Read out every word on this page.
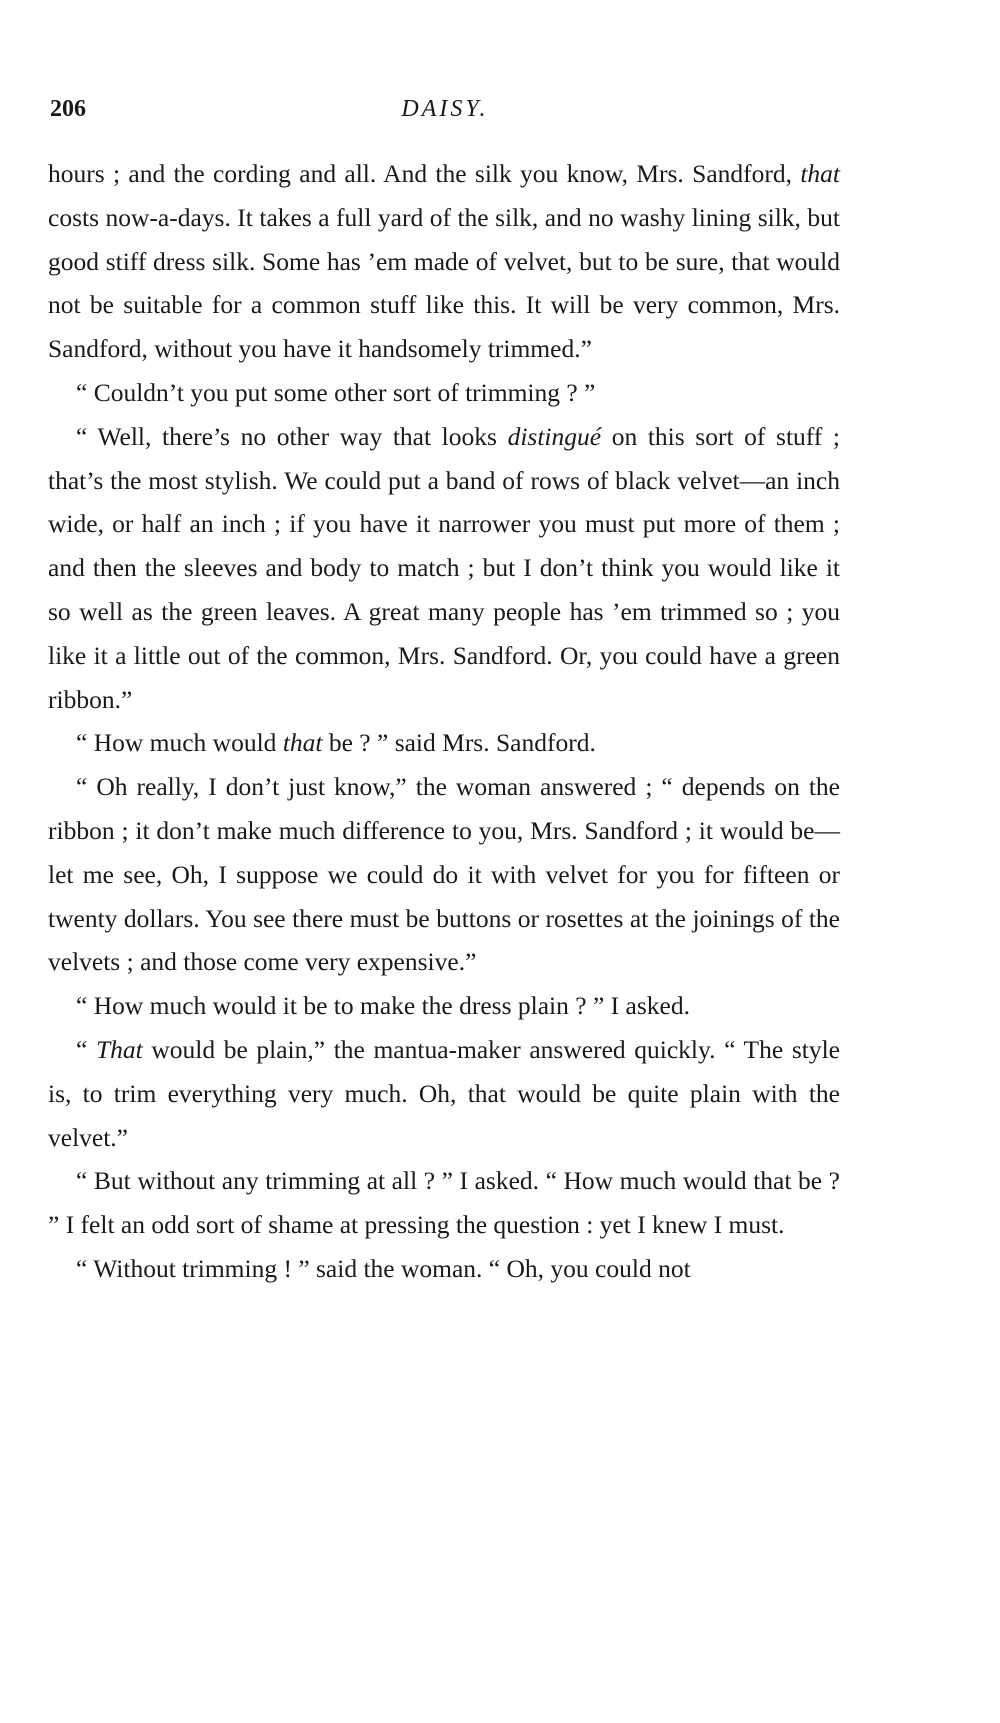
206	DAISY.

hours ; and the cording and all. And the silk you know, Mrs. Sandford, that costs now-a-days. It takes a full yard of the silk, and no washy lining silk, but good stiff dress silk. Some has ’em made of velvet, but to be sure, that would not be suitable for a common stuff like this. It will be very common, Mrs. Sandford, without you have it handsomely trimmed.”

“ Couldn’t you put some other sort of trimming ? ”

“ Well, there’s no other way that looks distingué on this sort of stuff ; that’s the most stylish. We could put a band of rows of black velvet—an inch wide, or half an inch ; if you have it narrower you must put more of them ; and then the sleeves and body to match ; but I don’t think you would like it so well as the green leaves. A great many people has ’em trimmed so ; you like it a little out of the common, Mrs. Sandford. Or, you could have a green ribbon.”

“ How much would that be ? ” said Mrs. Sandford.

“ Oh really, I don’t just know,” the woman answered ; “ depends on the ribbon ; it don’t make much difference to you, Mrs. Sandford ; it would be—let me see, Oh, I suppose we could do it with velvet for you for fifteen or twenty dollars. You see there must be buttons or rosettes at the joinings of the velvets ; and those come very expensive.”

“ How much would it be to make the dress plain ? ” I asked.

“ That would be plain,” the mantua-maker answered quickly. “ The style is, to trim everything very much. Oh, that would be quite plain with the velvet.”

“ But without any trimming at all ? ” I asked. “ How much would that be ? ” I felt an odd sort of shame at pressing the question : yet I knew I must.

“ Without trimming ! ” said the woman. “ Oh, you could not
